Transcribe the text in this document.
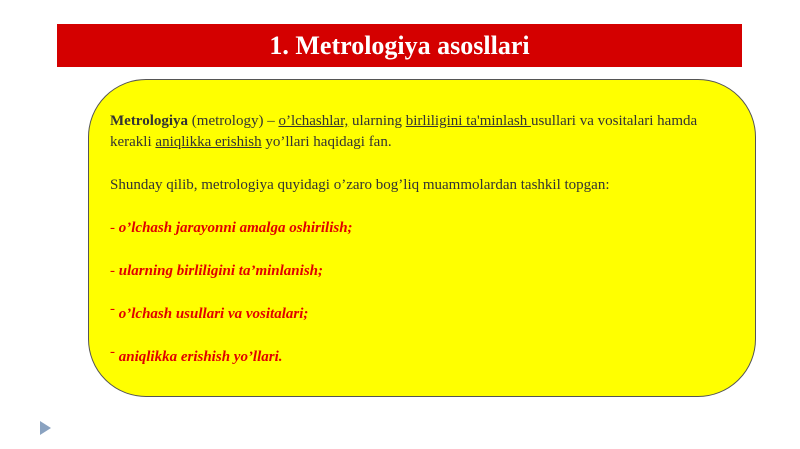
1. Metrologiya asosllari

Metrologiya (metrology) – o’lchashlar, ularning birliligini ta'minlash usullari va vositalari hamda kerakli aniqlikka erishish yo’llari haqidagi fan.

Shunday qilib, metrologiya quyidagi o’zaro bog’liq muammolardan tashkil topgan:

- o’lchash jarayonni amalga oshirilish;

- ularning birliligini ta’minlanish;

- o’lchash usullari va vositalari;

- aniqlikka erishish yo’llari.
